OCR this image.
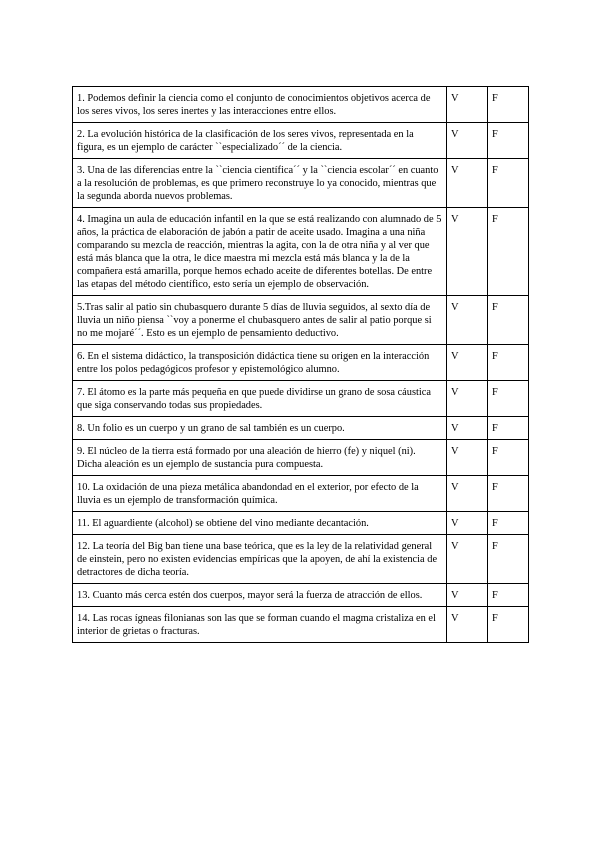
1. Podemos definir la ciencia como el conjunto de conocimientos objetivos acerca de los seres vivos, los seres inertes y las interacciones entre ellos.	V	F
2. La evolución histórica de la clasificación de los seres vivos, representada en la figura, es un ejemplo de carácter ``especializado´´ de la ciencia.	V	F
3. Una de las diferencias entre la ``ciencia científica´´ y la ``ciencia escolar´´ en cuanto a la resolución de problemas, es que primero reconstruye lo ya conocido, mientras que la segunda aborda nuevos problemas.	V	F
4. Imagina un aula de educación infantil en la que se está realizando con alumnado de 5 años, la práctica de elaboración de jabón a patir de aceite usado. Imagina a una niña comparando su mezcla de reacción, mientras la agita, con la de otra niña y al ver que está más blanca que la otra, le dice maestra mi mezcla está más blanca y la de la compañera está amarilla, porque hemos echado aceite de diferentes botellas. De entre las etapas del método científico, esto sería un ejemplo de observación.	V	F
5.Tras salir al patio sin chubasquero durante 5 días de lluvia seguidos, al sexto día de lluvia un niño piensa ``voy a ponerme el chubasquero antes de salir al patio porque si no me mojaré´´. Esto es un ejemplo de pensamiento deductivo.	V	F
6. En el sistema didáctico, la transposición didáctica tiene su origen en la interacción entre los polos pedagógicos profesor y epistemológico alumno.	V	F
7. El átomo es la parte más pequeña en que puede dividirse un grano de sosa cáustica que siga conservando todas sus propiedades.	V	F
8. Un folio es un cuerpo y un grano de sal también es un cuerpo.	V	F
9. El núcleo de la tierra está formado por una aleación de hierro (fe) y niquel (ni). Dicha aleación es un ejemplo de sustancia pura compuesta.	V	F
10. La oxidación de una pieza metálica abandondad en el exterior, por efecto de la lluvia es un ejemplo de transformación química.	V	F
11. El aguardiente (alcohol) se obtiene del vino mediante decantación.	V	F
12. La teoría del Big ban tiene una base teórica, que es la ley de la relatividad general de einstein, pero no existen evidencias empíricas que la apoyen, de ahí la existencia de detractores de dicha teoría.	V	F
13. Cuanto más cerca estén dos cuerpos, mayor será la fuerza de atracción de ellos.	V	F
14. Las rocas ígneas filonianas son las que se forman cuando el magma cristaliza en el interior de grietas o fracturas.	V	F
